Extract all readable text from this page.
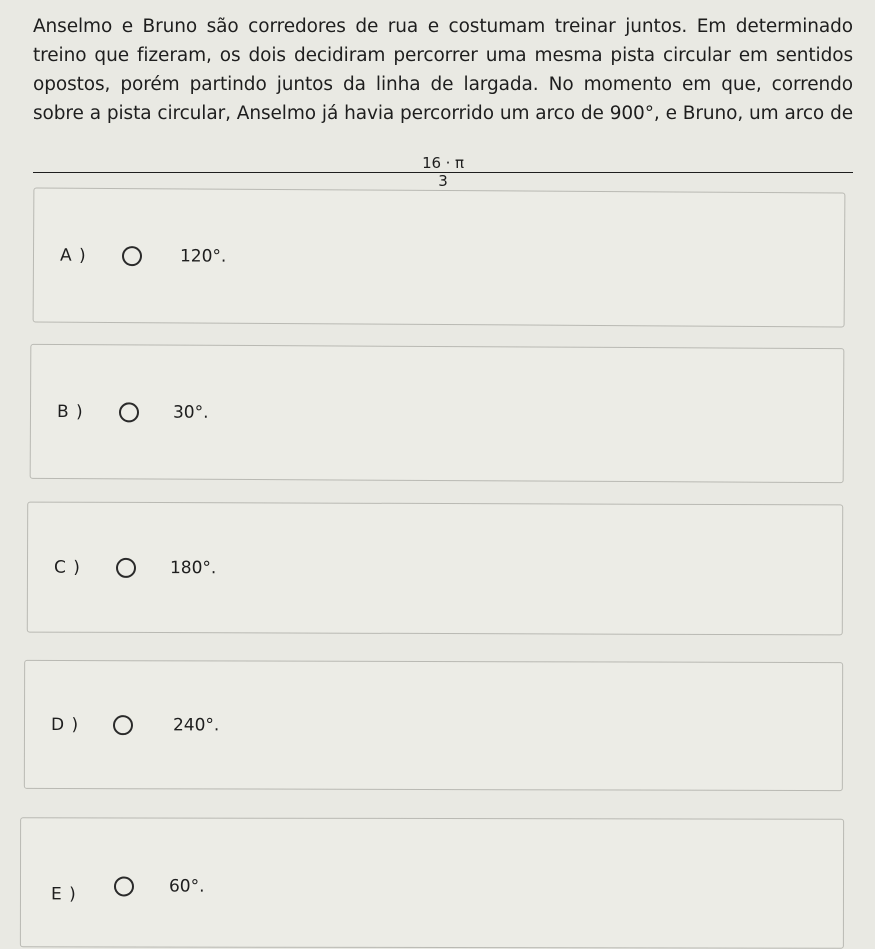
Anselmo e Bruno são corredores de rua e costumam treinar juntos. Em determinado treino que fizeram, os dois decidiram percorrer uma mesma pista circular em sentidos opostos, porém partindo juntos da linha de largada. No momento em que, correndo sobre a pista circular, Anselmo já havia percorrido um arco de 900°, e Bruno, um arco de
16 · π
3
A )	120°.
B )	30°.
C )	180°.
D )	240°.
E )	60°.
